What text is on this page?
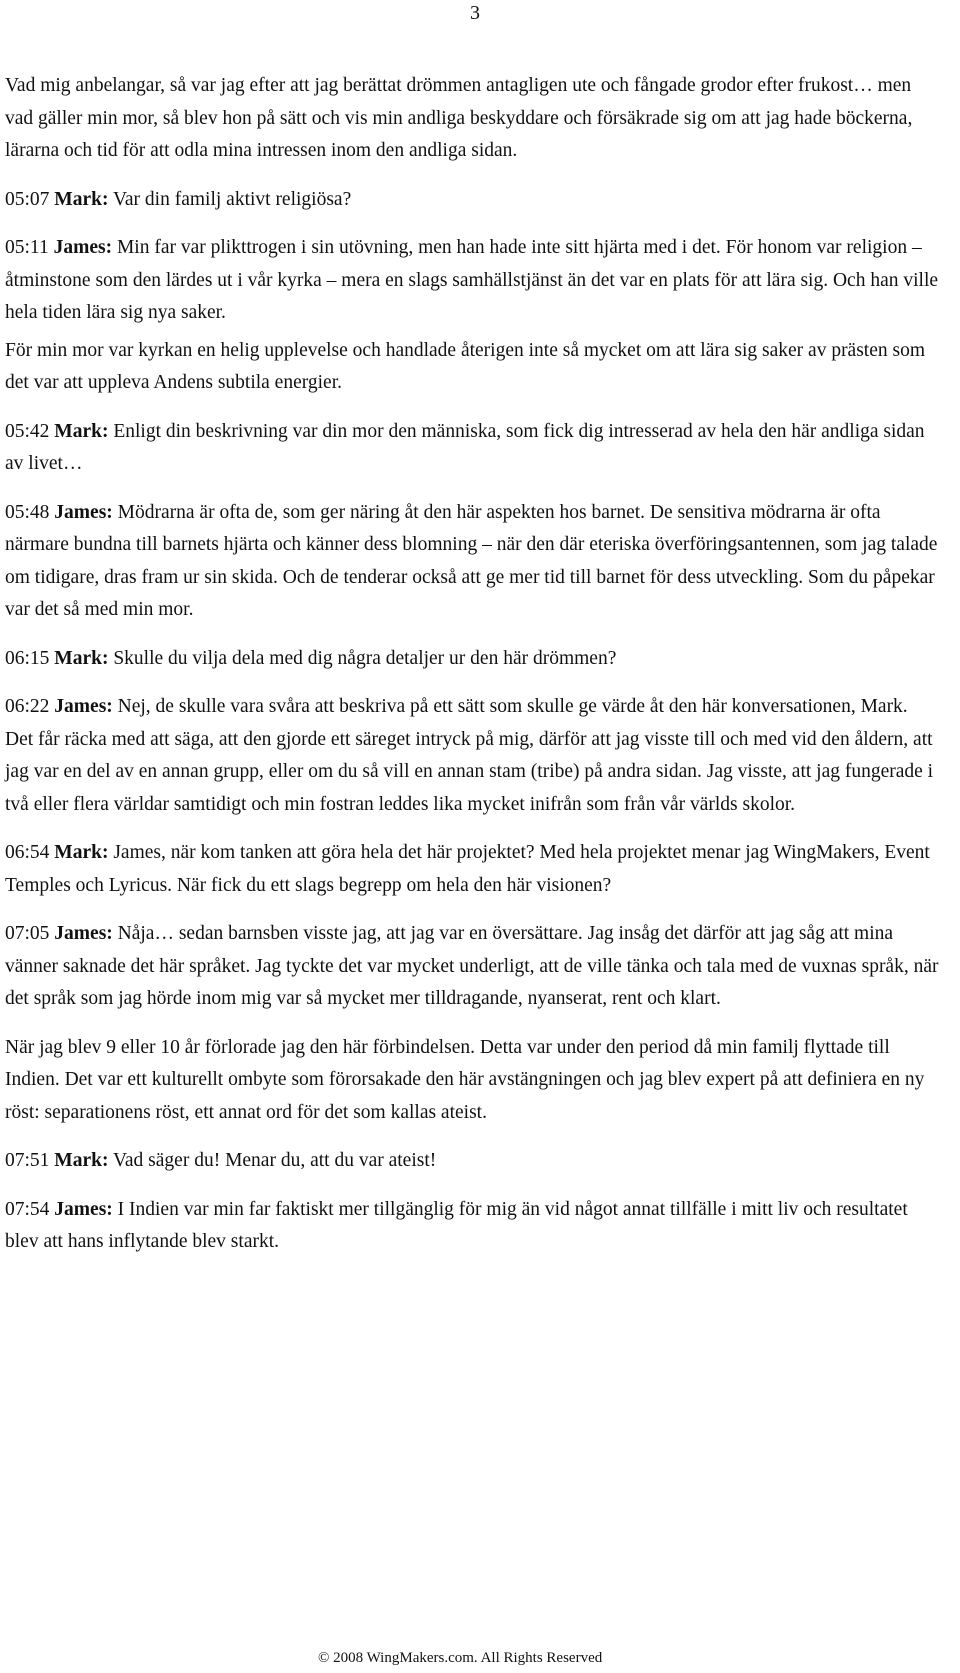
3

Vad mig anbelangar, så var jag efter att jag berättat drömmen antagligen ute och fångade grodor efter frukost… men vad gäller min mor, så blev hon på sätt och vis min andliga beskyddare och försäkrade sig om att jag hade böckerna, lärarna och tid för att odla mina intressen inom den andliga sidan.

05:07 Mark: Var din familj aktivt religiösa?

05:11 James: Min far var plikttrogen i sin utövning, men han hade inte sitt hjärta med i det. För honom var religion – åtminstone som den lärdes ut i vår kyrka – mera en slags samhällstjänst än det var en plats för att lära sig. Och han ville hela tiden lära sig nya saker.

För min mor var kyrkan en helig upplevelse och handlade återigen inte så mycket om att lära sig saker av prästen som det var att uppleva Andens subtila energier.

05:42 Mark: Enligt din beskrivning var din mor den människa, som fick dig intresserad av hela den här andliga sidan av livet…

05:48 James: Mödrarna är ofta de, som ger näring åt den här aspekten hos barnet. De sensitiva mödrarna är ofta närmare bundna till barnets hjärta och känner dess blomning – när den där eteriska överföringsantennen, som jag talade om tidigare, dras fram ur sin skida. Och de tenderar också att ge mer tid till barnet för dess utveckling. Som du påpekar var det så med min mor.

06:15 Mark: Skulle du vilja dela med dig några detaljer ur den här drömmen?

06:22 James: Nej, de skulle vara svåra att beskriva på ett sätt som skulle ge värde åt den här konversationen, Mark. Det får räcka med att säga, att den gjorde ett säreget intryck på mig, därför att jag visste till och med vid den åldern, att jag var en del av en annan grupp, eller om du så vill en annan stam (tribe) på andra sidan. Jag visste, att jag fungerade i två eller flera världar samtidigt och min fostran leddes lika mycket inifrån som från vår världs skolor.

06:54 Mark: James, när kom tanken att göra hela det här projektet? Med hela projektet menar jag WingMakers, Event Temples och Lyricus. När fick du ett slags begrepp om hela den här visionen?

07:05 James: Nåja… sedan barnsben visste jag, att jag var en översättare. Jag insåg det därför att jag såg att mina vänner saknade det här språket. Jag tyckte det var mycket underligt, att de ville tänka och tala med de vuxnas språk, när det språk som jag hörde inom mig var så mycket mer tilldragande, nyanserat, rent och klart.

När jag blev 9 eller 10 år förlorade jag den här förbindelsen. Detta var under den period då min familj flyttade till Indien. Det var ett kulturellt ombyte som förorsakade den här avstängningen och jag blev expert på att definiera en ny röst: separationens röst, ett annat ord för det som kallas ateist.

07:51 Mark: Vad säger du! Menar du, att du var ateist!

07:54 James: I Indien var min far faktiskt mer tillgänglig för mig än vid något annat tillfälle i mitt liv och resultatet blev att hans inflytande blev starkt.

© 2008 WingMakers.com. All Rights Reserved
